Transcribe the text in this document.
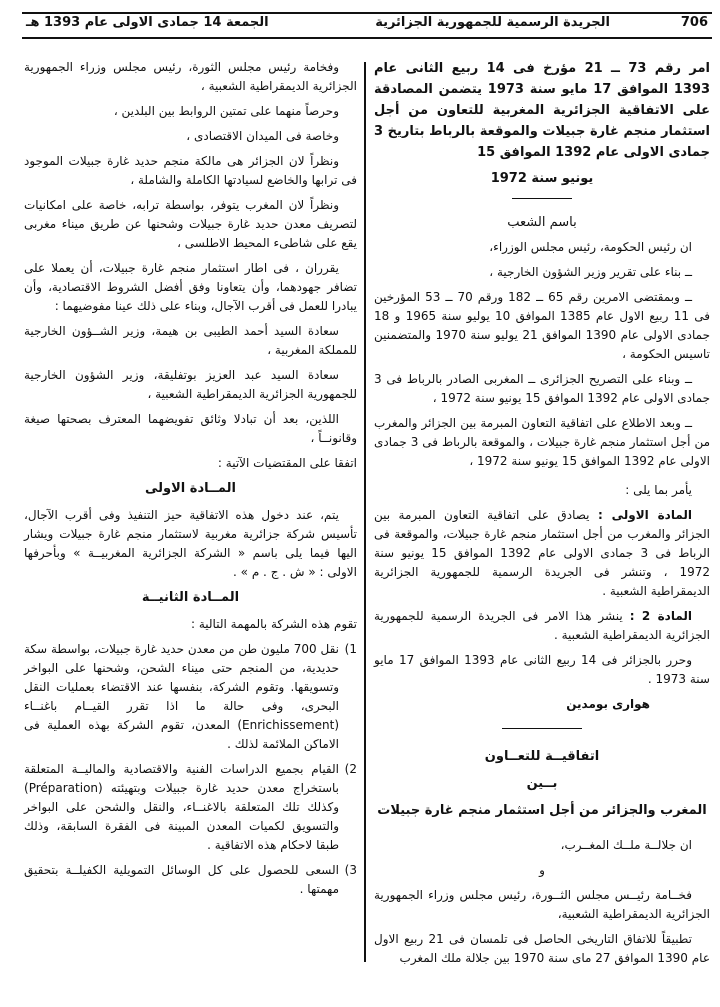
706
الجريدة الرسمية للجمهورية الجزائرية
الجمعة 14 جمادى الاولى عام 1393 هـ

امر رقم 73 ــ 21 مؤرخ فى 14 ربيع الثانى عام 1393 الموافق 17 مايو سنة 1973 يتضمن المصادقة على الاتفاقية الجزائرية المغربية للتعاون من أجل استثمار منجم غارة جبيلات والموقعة بالرباط بتاريخ 3 جمادى الاولى عام 1392 الموافق 15

يونيو سنة 1972

باسم الشعب

ان رئيس الحكومة، رئيس مجلس الوزراء،

ــ بناء على تقرير وزير الشؤون الخارجية ،

ــ وبمقتضى الامرين رقم 65 ــ 182 ورقم 70 ــ 53 المؤرخين فى 11 ربيع الاول عام 1385 الموافق 10 يوليو سنة 1965 و 18 جمادى الاولى عام 1390 الموافق 21 يوليو سنة 1970 والمتضمنين تاسيس الحكومة ،

ــ وبناء على التصريح الجزائرى ــ المغربى الصادر بالرباط فى 3 جمادى الاولى عام 1392 الموافق 15 يونيو سنة 1972 ،

ــ وبعد الاطلاع على اتفاقية التعاون المبرمة بين الجزائر والمغرب من أجل استثمار منجم غارة جبيلات ، والموقعة بالرباط فى 3 جمادى الاولى عام 1392 الموافق 15 يونيو سنة 1972 ،

يأمر بما يلى :

المادة الاولى : يصادق على اتفاقية التعاون المبرمة بين الجزائر والمغرب من أجل استثمار منجم غارة جبيلات، والموقعة فى الرباط فى 3 جمادى الاولى عام 1392 الموافق 15 يونيو سنة 1972 ، وتنشر فى الجريدة الرسمية للجمهورية الجزائرية الديمقراطية الشعبية .

المادة 2 : ينشر هذا الامر فى الجريدة الرسمية للجمهورية الجزائرية الديمقراطية الشعبية .

وحرر بالجزائر فى 14 ربيع الثانى عام 1393 الموافق 17 مايو سنة 1973 .

هوارى بومدين

اتفاقيــة للتعــاون

بــين

المغرب والجزائر من أجل استثمار منجم غارة جبيلات

ان جلالــة ملــك المغــرب،

و

فخــامة رئيــس مجلس الثــورة، رئيس مجلس وزراء الجمهورية الجزائرية الديمقراطية الشعبية،

تطبيقاً للاتفاق التاريخى الحاصل فى تلمسان فى 21 ربيع الاول عام 1390 الموافق 27 ماى سنة 1970 بين جلالة ملك المغرب

وفخامة رئيس مجلس الثورة، رئيس مجلس وزراء الجمهورية الجزائرية الديمقراطية الشعبية ،

وحرصاً منهما على تمتين الروابط بين البلدين ،

وخاصة فى الميدان الاقتصادى ،

ونظراً لان الجزائر هى مالكة منجم حديد غارة جبيلات الموجود فى ترابها والخاضع لسيادتها الكاملة والشاملة ،

ونظراً لان المغرب يتوفر، بواسطة ترابه، خاصة على امكانيات لتصريف معدن حديد غارة جبيلات وشحنها عن طريق ميناء مغربى يقع على شاطىء المحيط الاطلسى ،

يقرران ، فى اطار استثمار منجم غارة جبيلات، أن يعملا على تضافر جهودهما، وأن يتعاونا وفق أفضل الشروط الاقتصادية، وأن يبادرا للعمل فى أقرب الآجال، وبناء على ذلك عينا مفوضيهما :

سعادة السيد أحمد الطيبى بن هيمة، وزير الشــؤون الخارجية للمملكة المغربية ،

سعادة السيد عبد العزيز بوتفليقة، وزير الشؤون الخارجية للجمهورية الجزائرية الديمقراطية الشعبية ،

اللذين، بعد أن تبادلا وثائق تفويضهما المعترف بصحتها صيغة وقانونــاً ،

اتفقا على المقتضيات الآتية :

المــادة الاولى

يتم، عند دخول هذه الاتفاقية حيز التنفيذ وفى أقرب الآجال، تأسيس شركة جزائرية مغربية لاستثمار منجم غارة جبيلات ويشار اليها فيما يلى باسم « الشركة الجزائرية المغربيــة » وبأحرفها الاولى : « ش . ج . م » .

المــادة الثانيــة

تقوم هذه الشركة بالمهمة التالية :

1)
نقل 700 مليون طن من معدن حديد غارة جبيلات، بواسطة سكة حديدية، من المنجم حتى ميناء الشحن، وشحنها على البواخر وتسويقها. وتقوم الشركة، بنفسها عند الاقتضاء بعمليات النقل البحرى، وفى حالة ما اذا تقرر القيــام باغنــاء (Enrichissement) المعدن، تقوم الشركة بهذه العملية فى الاماكن الملائمة لذلك .

2)
القيام بجميع الدراسات الفنية والاقتصادية والماليــة المتعلقة باستخراج معدن حديد غارة جبيلات وبتهيئته (Préparation) وكذلك تلك المتعلقة بالاغنــاء، والنقل والشحن على البواخر والتسويق لكميات المعدن المبينة فى الفقرة السابقة، وذلك طبقا لاحكام هذه الاتفاقية .

3)
السعى للحصول على كل الوسائل التمويلية الكفيلــة بتحقيق مهمتها .
